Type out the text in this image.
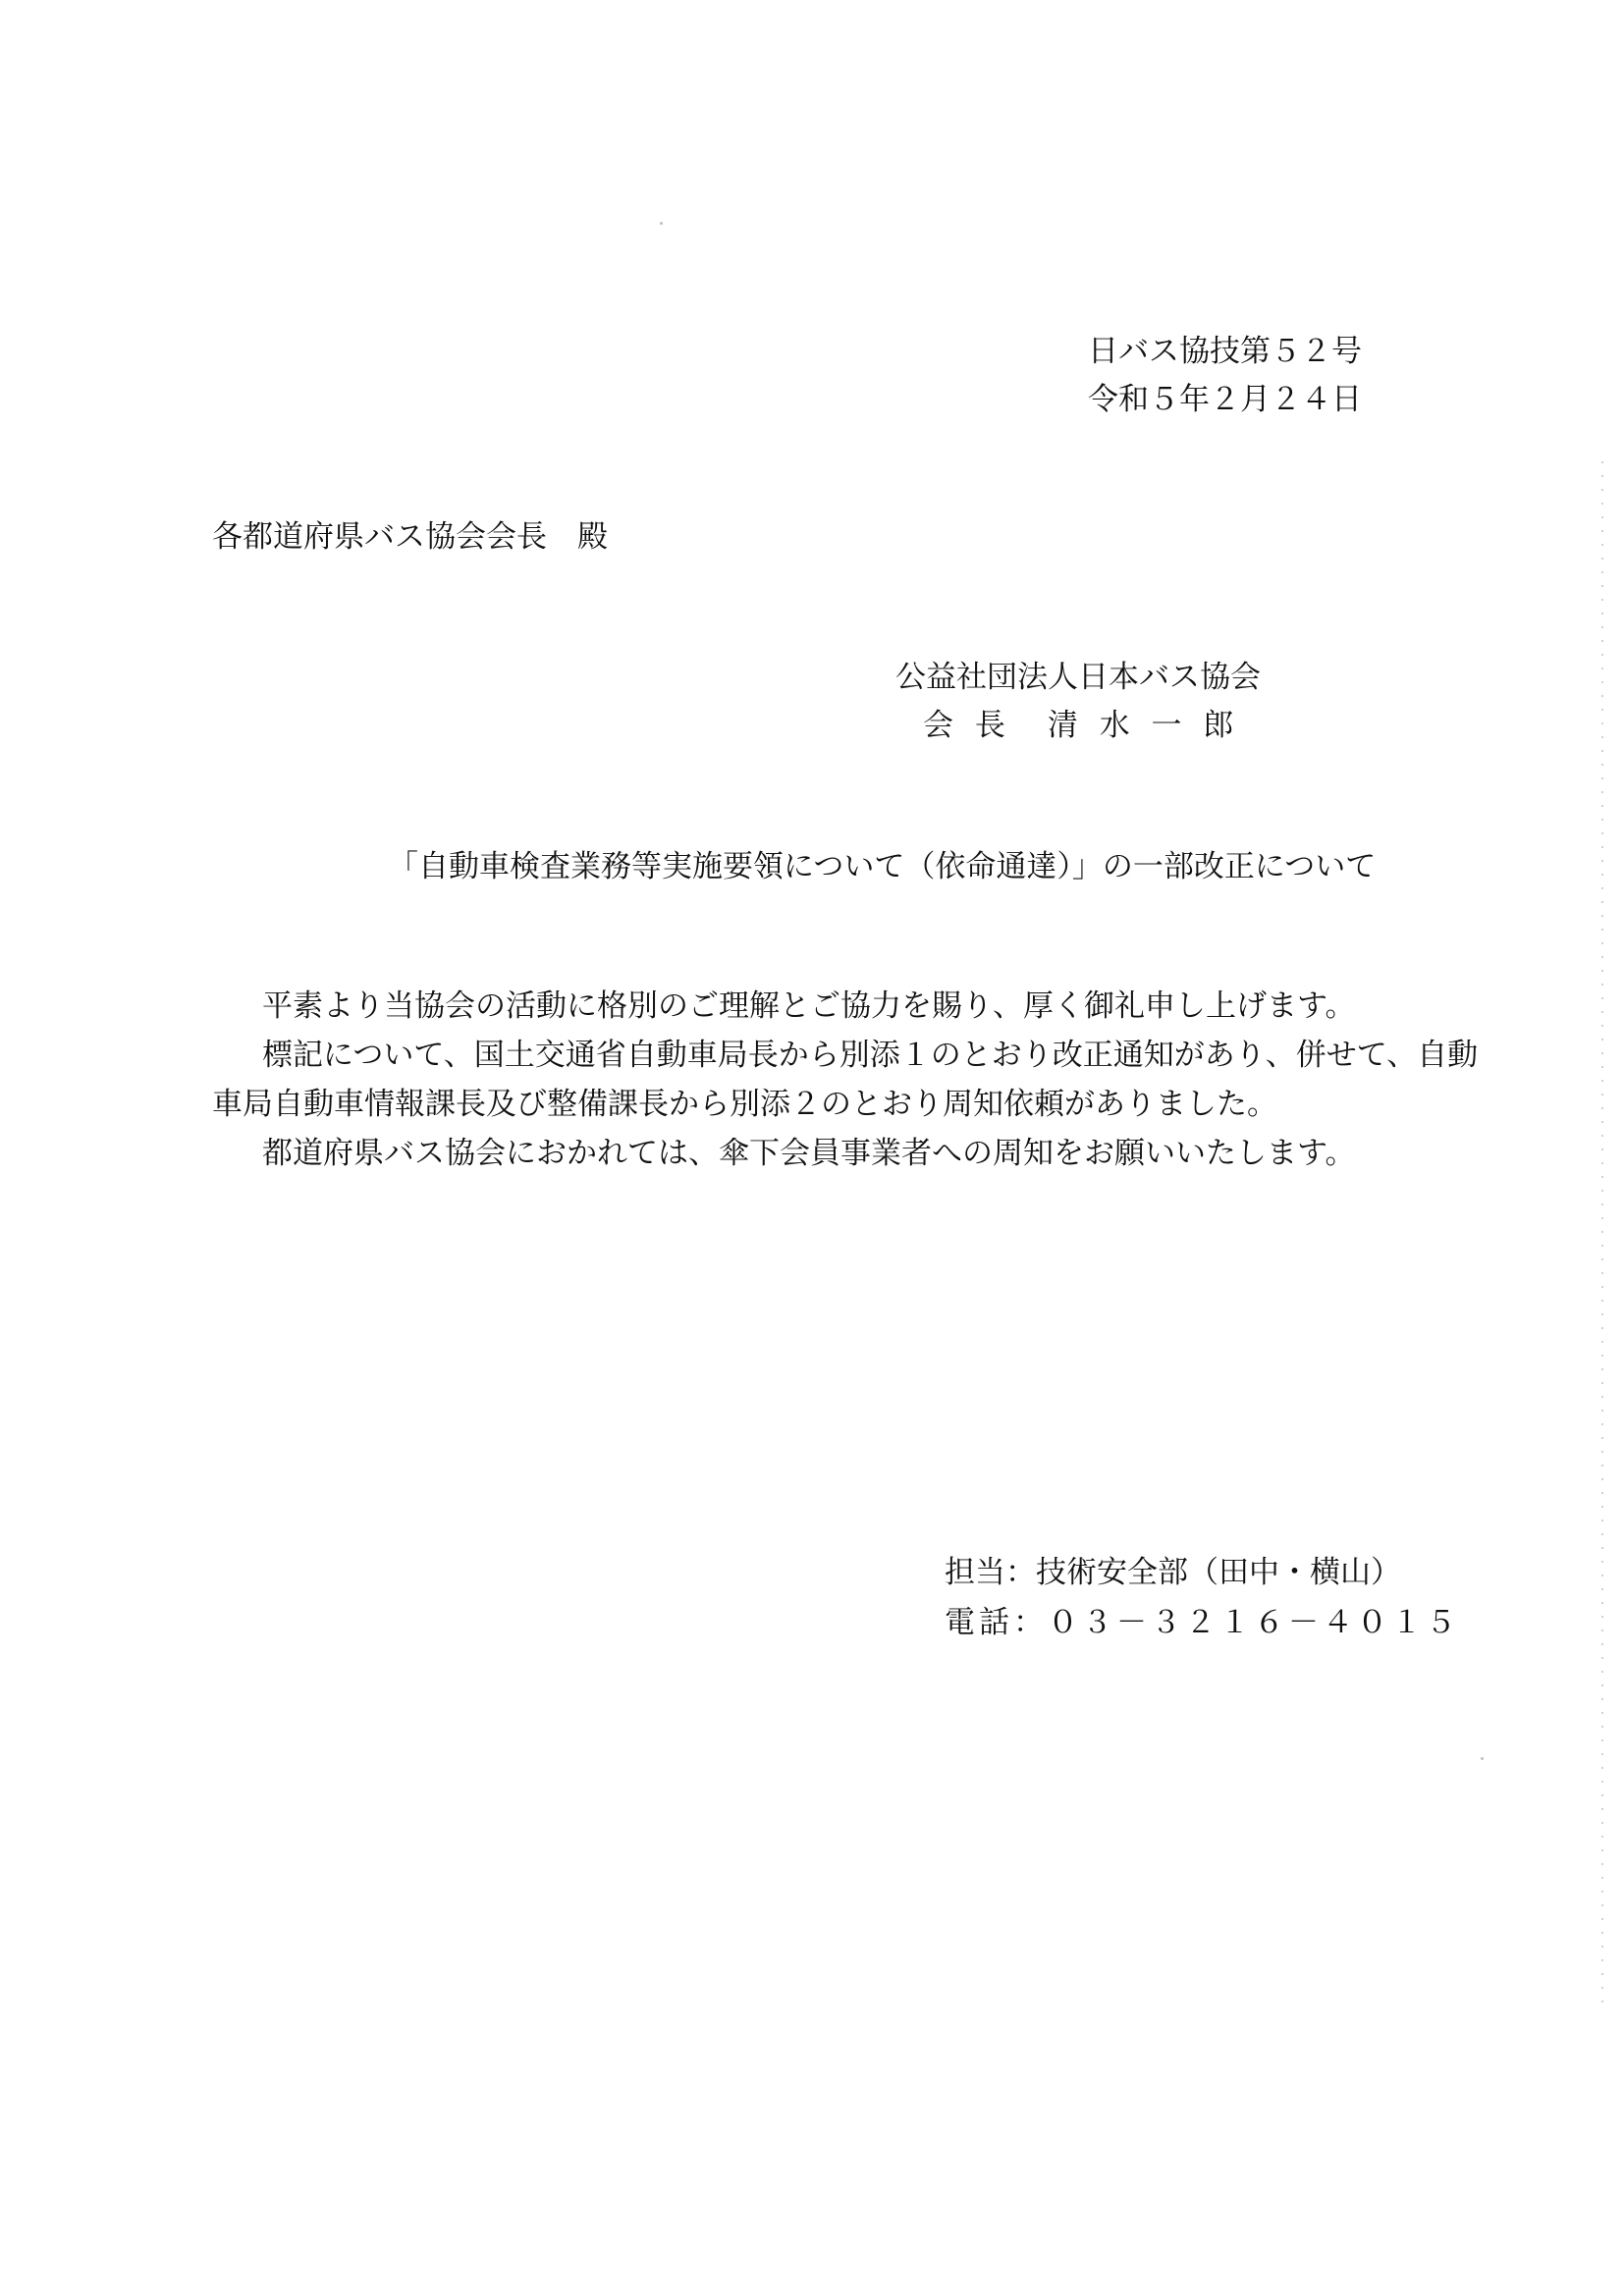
日バス協技第５２号
令和５年２月２４日
各都道府県バス協会会長　殿
公益社団法人日本バス協会
会 長　清 水 一 郎
「自動車検査業務等実施要領について（依命通達）」の一部改正について
平素より当協会の活動に格別のご理解とご協力を賜り、厚く御礼申し上げます。
標記について、国土交通省自動車局長から別添１のとおり改正通知があり、併せて、自動
車局自動車情報課長及び整備課長から別添２のとおり周知依頼がありました。
都道府県バス協会におかれては、傘下会員事業者への周知をお願いいたします。
担当：技術安全部（田中・横山）
電話：０３－３２１６－４０１５
